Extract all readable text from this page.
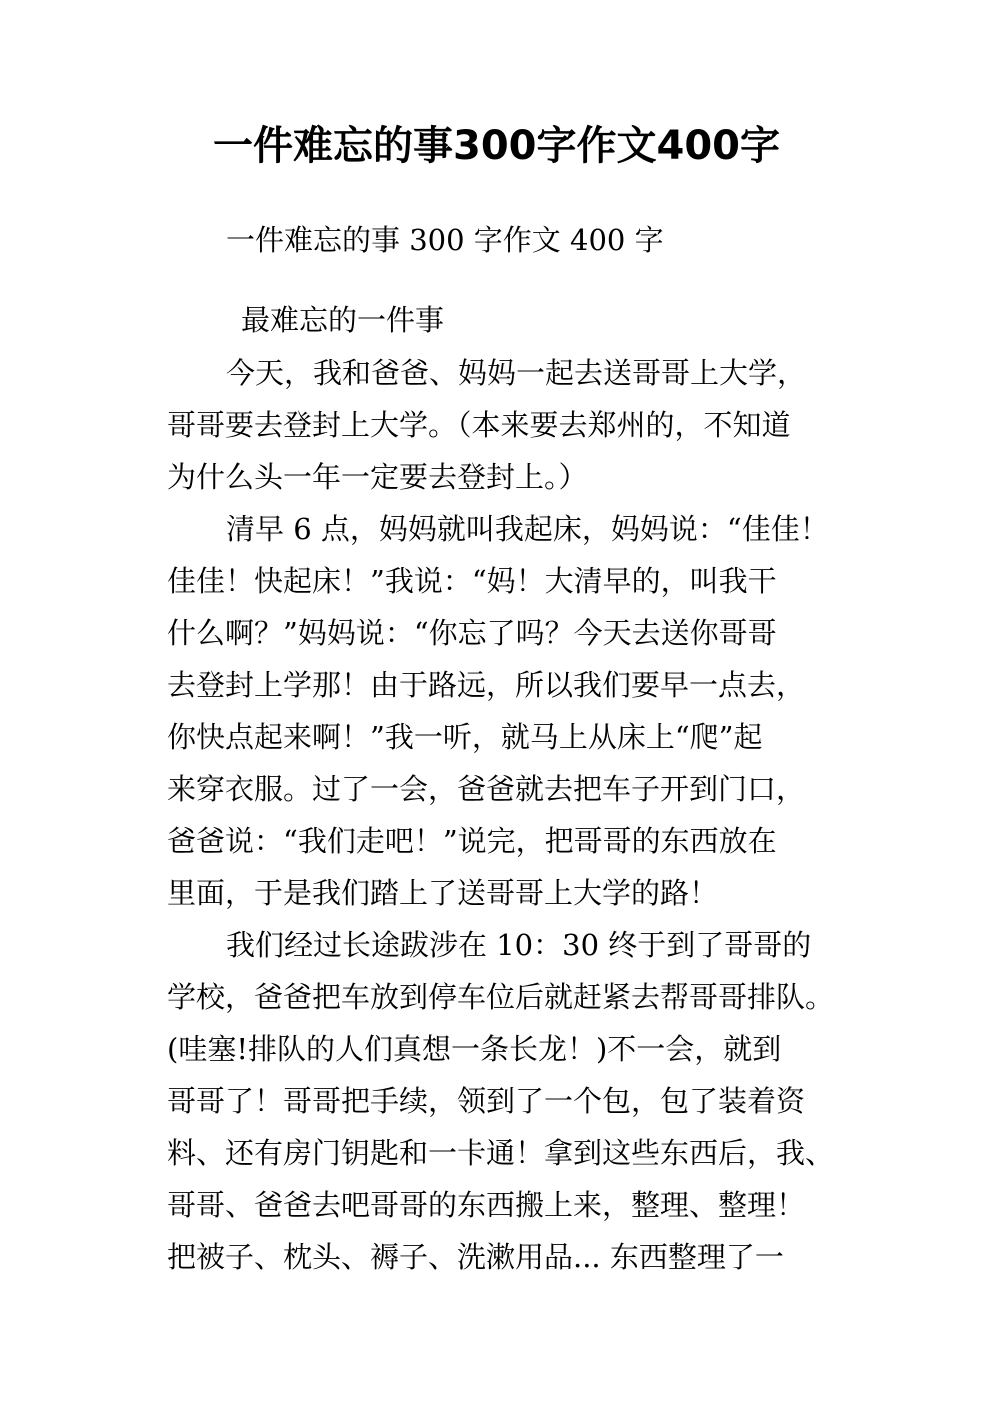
一件难忘的事300字作文400字

一件难忘的事 300 字作文 400 字

最难忘的一件事

今天，我和爸爸、妈妈一起去送哥哥上大学，

哥哥要去登封上大学。（本来要去郑州的，不知道

为什么头一年一定要去登封上。）

清早 6 点，妈妈就叫我起床，妈妈说：“佳佳！

佳佳！快起床！”我说：“妈！大清早的，叫我干

什么啊？”妈妈说：“你忘了吗？今天去送你哥哥

去登封上学那！由于路远，所以我们要早一点去，

你快点起来啊！”我一听，就马上从床上“爬”起

来穿衣服。过了一会，爸爸就去把车子开到门口，

爸爸说：“我们走吧！”说完，把哥哥的东西放在

里面，于是我们踏上了送哥哥上大学的路！

我们经过长途跋涉在 10：30 终于到了哥哥的

学校，爸爸把车放到停车位后就赶紧去帮哥哥排队。

(哇塞!排队的人们真想一条长龙！)不一会，就到

哥哥了！哥哥把手续，领到了一个包，包了装着资

料、还有房门钥匙和一卡通！拿到这些东西后，我、

哥哥、爸爸去吧哥哥的东西搬上来，整理、整理！

把被子、枕头、褥子、洗漱用品... 东西整理了一
